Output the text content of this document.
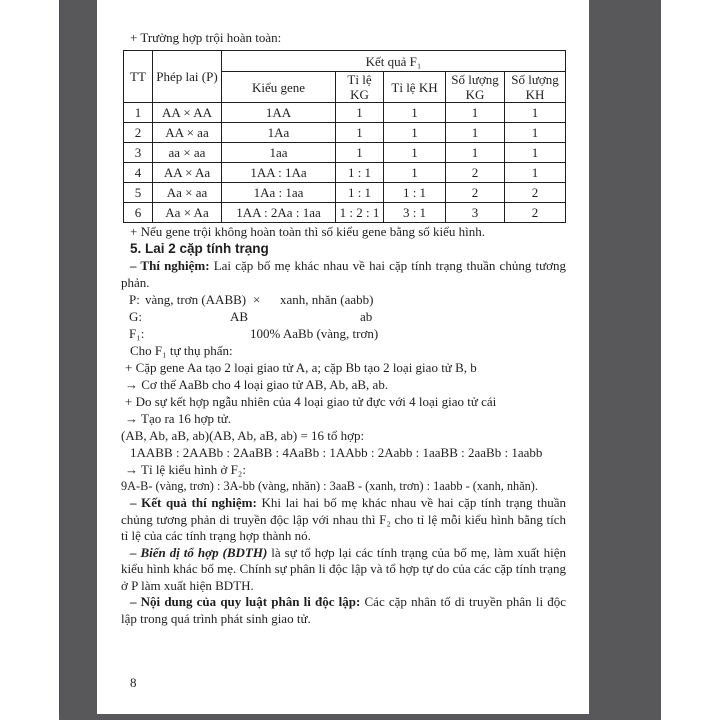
+ Trường hợp trội hoàn toàn:

TT	Phép lai (P)	Kết quả F₁				
		Kiểu gene	Tỉ lệ KG	Tỉ lệ KH	Số lượng KG	Số lượng KH
1	AA × AA	1AA	1	1	1	1
2	AA × aa	1Aa	1	1	1	1
3	aa × aa	1aa	1	1	1	1
4	AA × Aa	1AA : 1Aa	1 : 1	1	2	1
5	Aa × aa	1Aa : 1aa	1 : 1	1 : 1	2	2
6	Aa × Aa	1AA : 2Aa : 1aa	1 : 2 : 1	3 : 1	3	2

+ Nếu gene trội không hoàn toàn thì số kiểu gene bằng số kiểu hình.

5. Lai 2 cặp tính trạng

– Thí nghiệm: Lai cặp bố mẹ khác nhau về hai cặp tính trạng thuần chủng tương phản.

P: vàng, trơn (AABB) × xanh, nhăn (aabb)
G:	AB	ab
F₁:	100% AaBb (vàng, trơn)

Cho F₁ tự thụ phấn:

+ Cặp gene Aa tạo 2 loại giao tử A, a; cặp Bb tạo 2 loại giao tử B, b

→ Cơ thể AaBb cho 4 loại giao tử AB, Ab, aB, ab.

+ Do sự kết hợp ngẫu nhiên của 4 loại giao tử đực với 4 loại giao tử cái

→ Tạo ra 16 hợp tử.

(AB, Ab, aB, ab)(AB, Ab, aB, ab) = 16 tổ hợp:

1AABB : 2AABb : 2AaBB : 4AaBb : 1AAbb : 2Aabb : 1aaBB : 2aaBb : 1aabb

→ Tỉ lệ kiểu hình ở F₂:

9A-B- (vàng, trơn) : 3A-bb (vàng, nhăn) : 3aaB - (xanh, trơn) : 1aabb - (xanh, nhăn).

– Kết quả thí nghiệm: Khi lai hai bố mẹ khác nhau về hai cặp tính trạng thuần chủng tương phản di truyền độc lập với nhau thì F₂ cho tỉ lệ mỗi kiểu hình bằng tích tỉ lệ của các tính trạng hợp thành nó.

– Biến dị tổ hợp (BDTH) là sự tổ hợp lại các tính trạng của bố mẹ, làm xuất hiện kiểu hình khác bố mẹ. Chính sự phân li độc lập và tổ hợp tự do của các cặp tính trạng ở P làm xuất hiện BDTH.

– Nội dung của quy luật phân li độc lập: Các cặp nhân tố di truyền phân li độc lập trong quá trình phát sinh giao tử.

8
